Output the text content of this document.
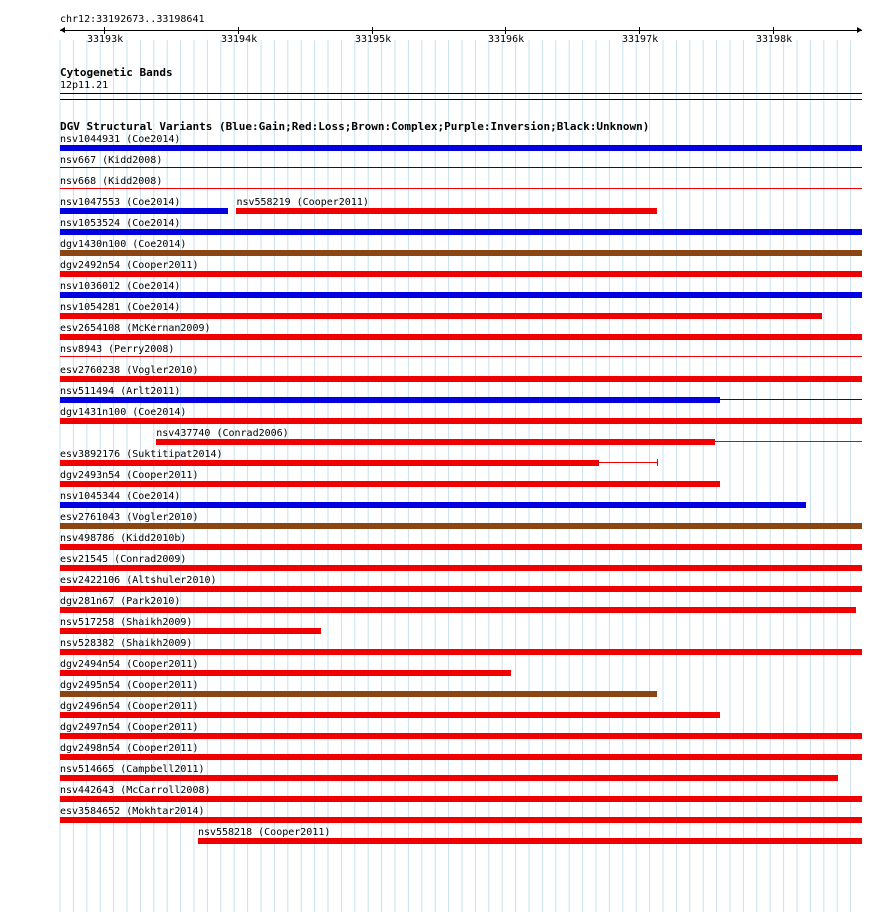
chr12:33192673..33198641
33193k	33194k	33195k	33196k	33197k	33198k
Cytogenetic Bands
12p11.21
DGV Structural Variants (Blue:Gain;Red:Loss;Brown:Complex;Purple:Inversion;Black:Unknown)
nsv1044931 (Coe2014)
nsv667 (Kidd2008)
nsv668 (Kidd2008)
nsv1047553 (Coe2014)	nsv558219 (Cooper2011)
nsv1053524 (Coe2014)
dgv1430n100 (Coe2014)
dgv2492n54 (Cooper2011)
nsv1036012 (Coe2014)
nsv1054281 (Coe2014)
esv2654108 (McKernan2009)
nsv8943 (Perry2008)
esv2760238 (Vogler2010)
nsv511494 (Arlt2011)
dgv1431n100 (Coe2014)
nsv437740 (Conrad2006)
esv3892176 (Suktitipat2014)
dgv2493n54 (Cooper2011)
nsv1045344 (Coe2014)
esv2761043 (Vogler2010)
nsv498786 (Kidd2010b)
esv21545 (Conrad2009)
esv2422106 (Altshuler2010)
dgv281n67 (Park2010)
nsv517258 (Shaikh2009)
nsv528382 (Shaikh2009)
dgv2494n54 (Cooper2011)
dgv2495n54 (Cooper2011)
dgv2496n54 (Cooper2011)
dgv2497n54 (Cooper2011)
dgv2498n54 (Cooper2011)
nsv514665 (Campbell2011)
nsv442643 (McCarroll2008)
esv3584652 (Mokhtar2014)
nsv558218 (Cooper2011)
